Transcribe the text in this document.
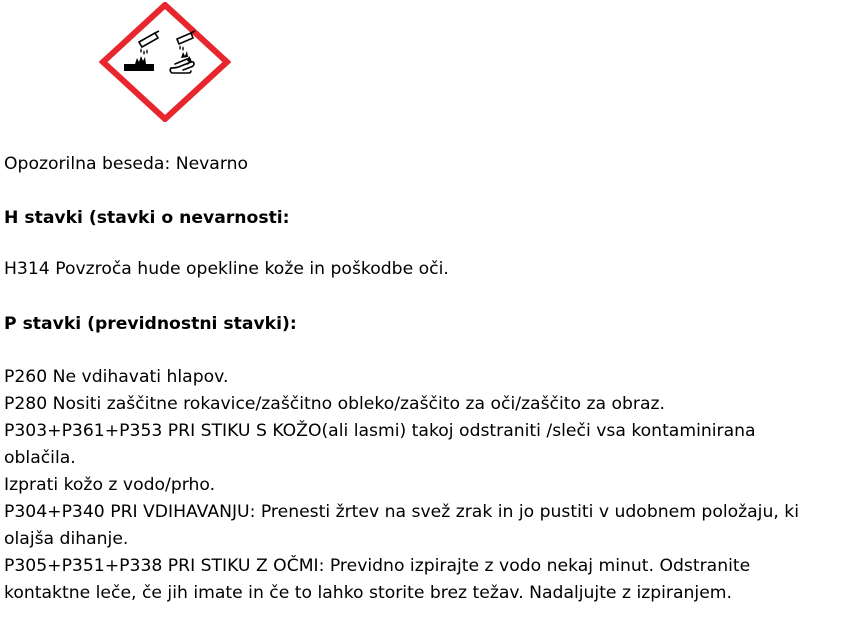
Opozorilna beseda: Nevarno
H stavki (stavki o nevarnosti:
H314 Povzroča hude opekline kože in poškodbe oči.
P stavki (previdnostni stavki):
P260 Ne vdihavati hlapov.
P280 Nositi zaščitne rokavice/zaščitno obleko/zaščito za oči/zaščito za obraz.
P303+P361+P353 PRI STIKU S KOŽO(ali lasmi) takoj odstraniti /sleči vsa kontaminirana
oblačila.
Izprati kožo z vodo/prho.
P304+P340 PRI VDIHAVANJU: Prenesti žrtev na svež zrak in jo pustiti v udobnem položaju, ki
olajša dihanje.
P305+P351+P338 PRI STIKU Z OČMI: Previdno izpirajte z vodo nekaj minut. Odstranite
kontaktne leče, če jih imate in če to lahko storite brez težav. Nadaljujte z izpiranjem.
